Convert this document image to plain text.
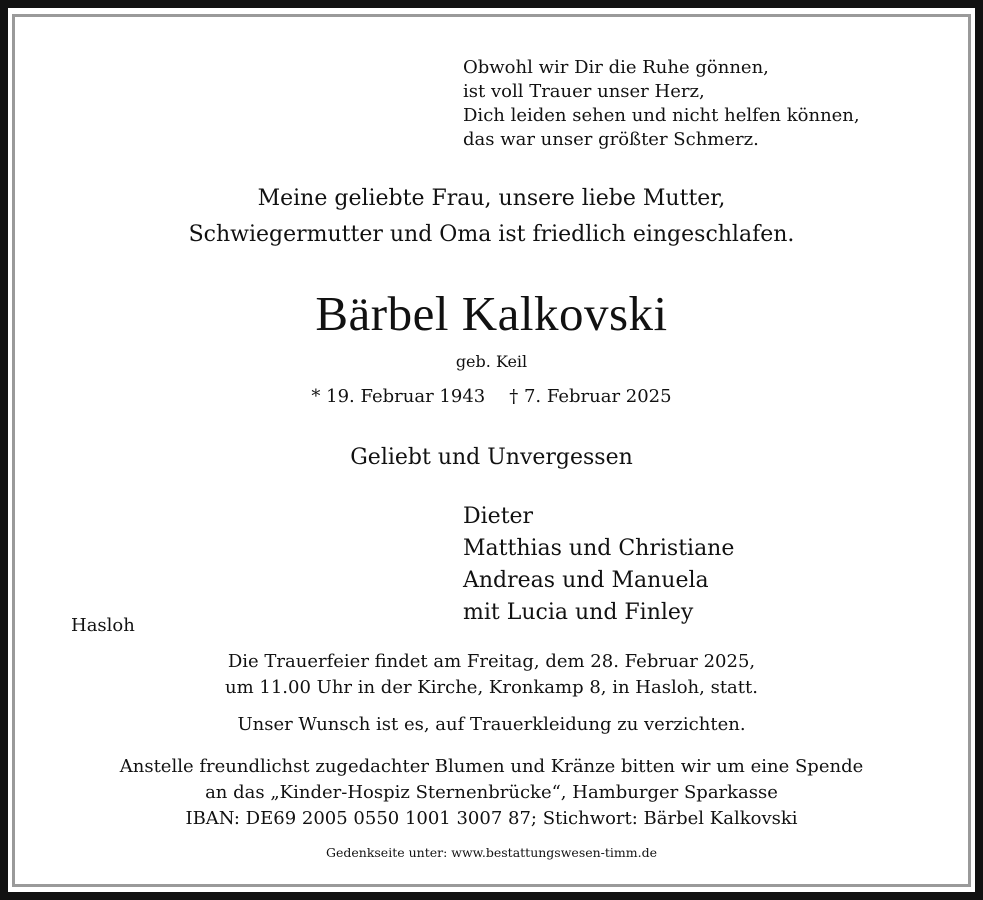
Obwohl wir Dir die Ruhe gönnen,
ist voll Trauer unser Herz,
Dich leiden sehen und nicht helfen können,
das war unser größter Schmerz.
Meine geliebte Frau, unsere liebe Mutter,
Schwiegermutter und Oma ist friedlich eingeschlafen.
Bärbel Kalkovski
geb. Keil
* 19. Februar 1943 † 7. Februar 2025
Geliebt und Unvergessen
Dieter
Matthias und Christiane
Andreas und Manuela
mit Lucia und Finley
Hasloh
Die Trauerfeier findet am Freitag, dem 28. Februar 2025,
um 11.00 Uhr in der Kirche, Kronkamp 8, in Hasloh, statt.
Unser Wunsch ist es, auf Trauerkleidung zu verzichten.
Anstelle freundlichst zugedachter Blumen und Kränze bitten wir um eine Spende
an das „Kinder-Hospiz Sternenbrücke“, Hamburger Sparkasse
IBAN: DE69 2005 0550 1001 3007 87; Stichwort: Bärbel Kalkovski
Gedenkseite unter: www.bestattungswesen-timm.de
